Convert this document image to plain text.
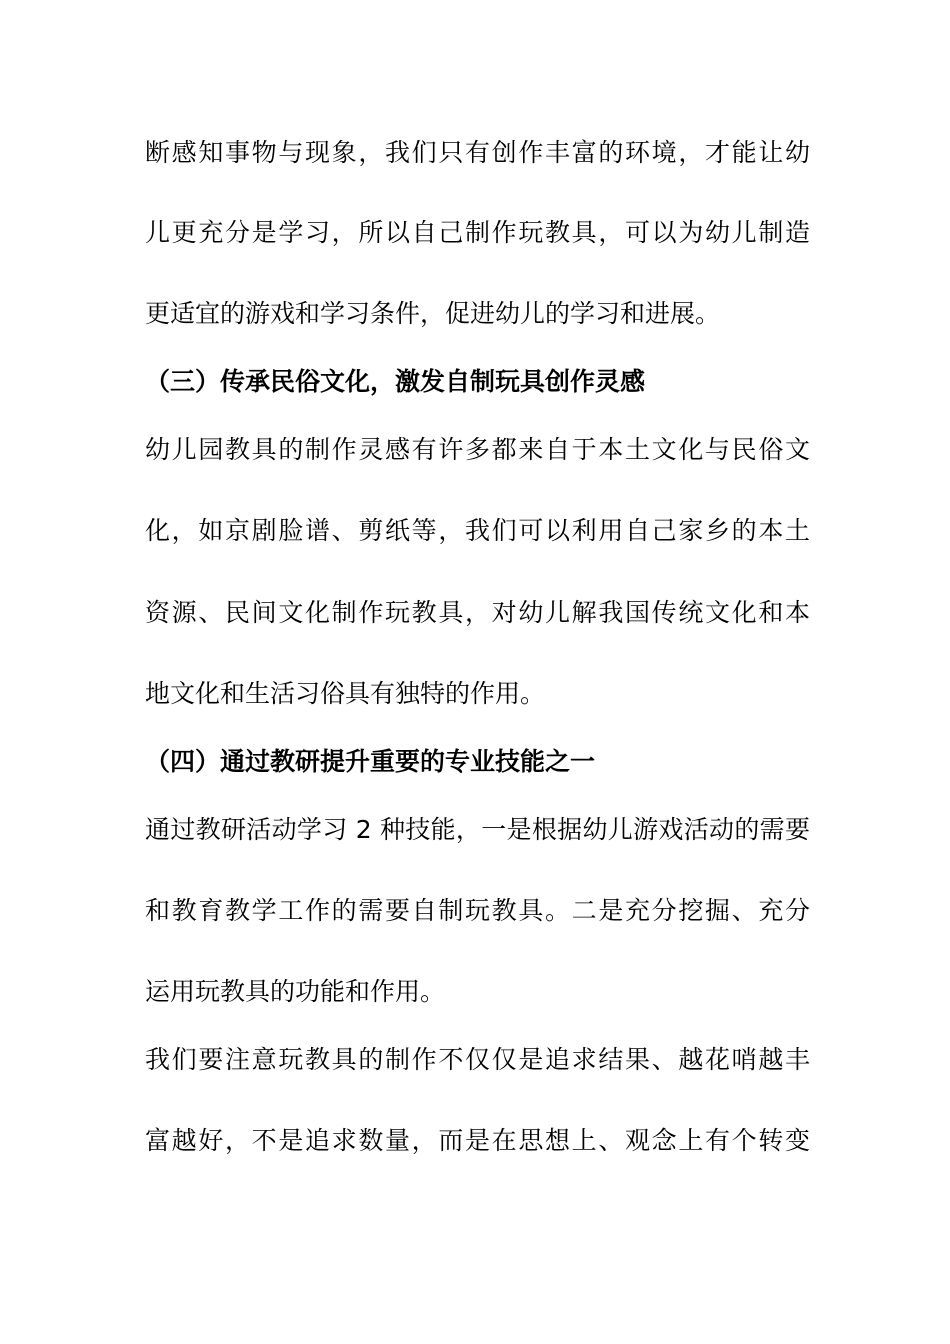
断感知事物与现象，我们只有创作丰富的环境，才能让幼
儿更充分是学习，所以自己制作玩教具，可以为幼儿制造
更适宜的游戏和学习条件，促进幼儿的学习和进展。
（三）传承民俗文化，激发自制玩具创作灵感
幼儿园教具的制作灵感有许多都来自于本土文化与民俗文
化，如京剧脸谱、剪纸等，我们可以利用自己家乡的本土
资源、民间文化制作玩教具，对幼儿解我国传统文化和本
地文化和生活习俗具有独特的作用。
（四）通过教研提升重要的专业技能之一
通过教研活动学习 2 种技能，一是根据幼儿游戏活动的需要
和教育教学工作的需要自制玩教具。二是充分挖掘、充分
运用玩教具的功能和作用。
我们要注意玩教具的制作不仅仅是追求结果、越花哨越丰
富越好，不是追求数量，而是在思想上、观念上有个转变
